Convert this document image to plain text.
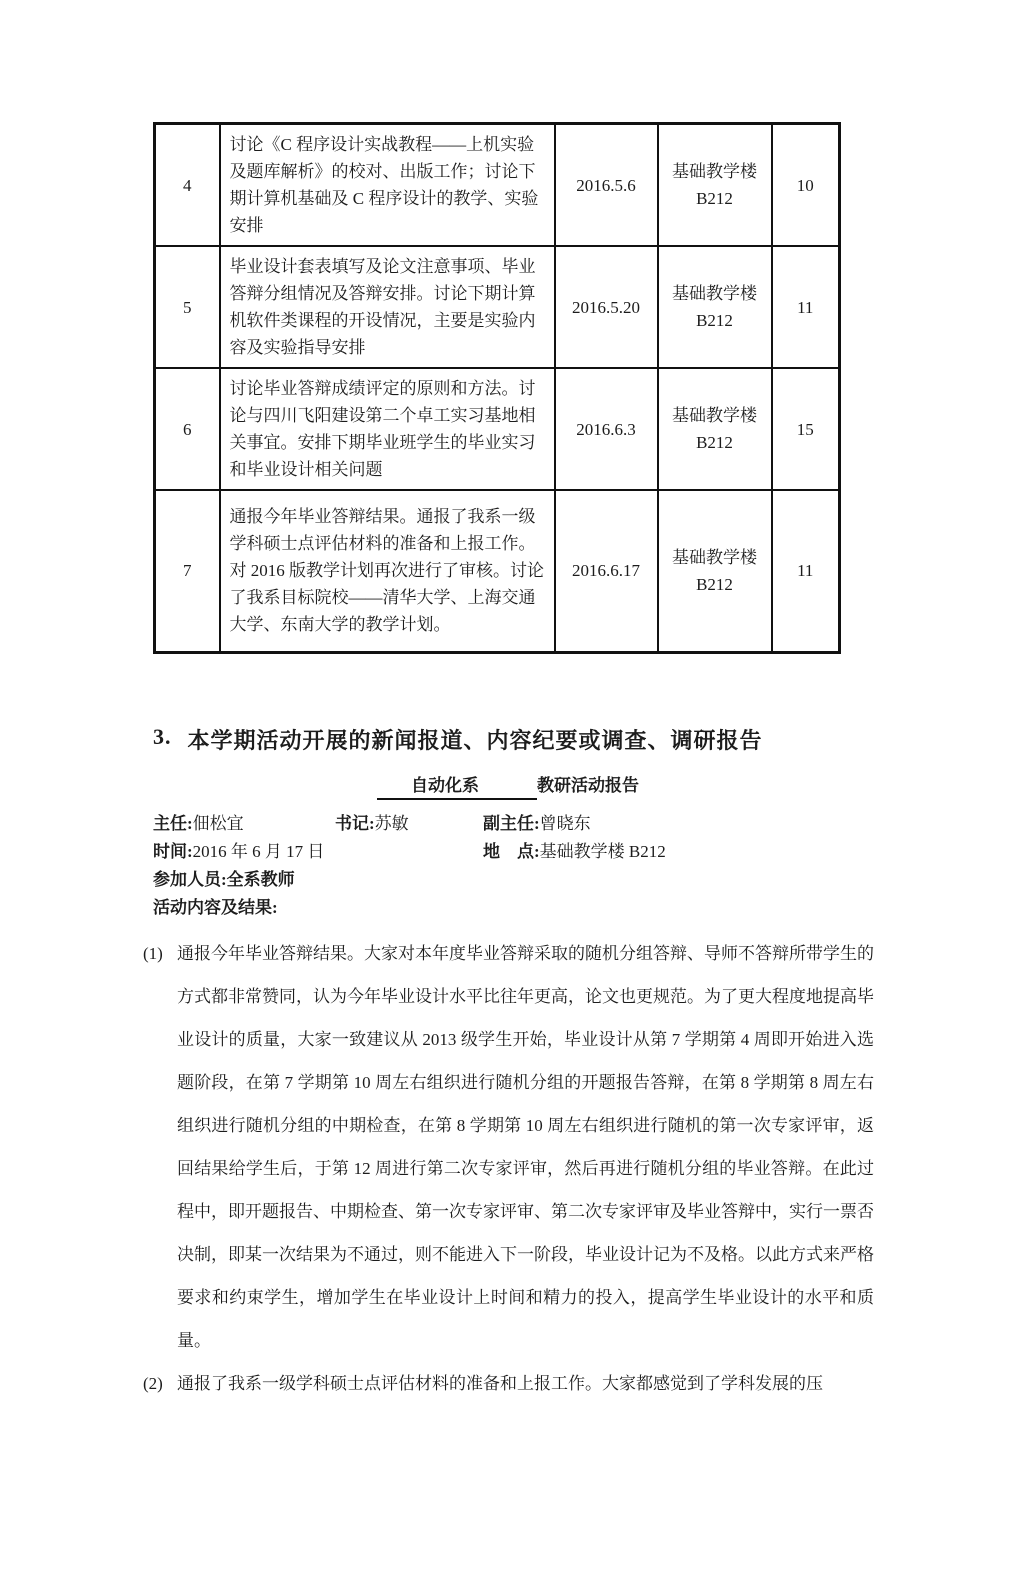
4	讨论《C 程序设计实战教程——上机实验及题库解析》的校对、出版工作；讨论下期计算机基础及 C 程序设计的教学、实验安排	2016.5.6	基础教学楼 B212	10
5	毕业设计套表填写及论文注意事项、毕业答辩分组情况及答辩安排。讨论下期计算机软件类课程的开设情况，主要是实验内容及实验指导安排	2016.5.20	基础教学楼 B212	11
6	讨论毕业答辩成绩评定的原则和方法。讨论与四川飞阳建设第二个卓工实习基地相关事宜。安排下期毕业班学生的毕业实习和毕业设计相关问题	2016.6.3	基础教学楼 B212	15
7	通报今年毕业答辩结果。通报了我系一级学科硕士点评估材料的准备和上报工作。对 2016 版教学计划再次进行了审核。讨论了我系目标院校——清华大学、上海交通大学、东南大学的教学计划。	2016.6.17	基础教学楼 B212	11
3. 本学期活动开展的新闻报道、内容纪要或调查、调研报告
自动化系	教研活动报告
主任:佃松宜	书记:苏敏	副主任:曾晓东
时间:2016 年 6 月 17 日	地　点:基础教学楼 B212
参加人员:全系教师
活动内容及结果:
(1) 通报今年毕业答辩结果。大家对本年度毕业答辩采取的随机分组答辩、导师不答辩所带学生的方式都非常赞同，认为今年毕业设计水平比往年更高，论文也更规范。为了更大程度地提高毕业设计的质量，大家一致建议从 2013 级学生开始，毕业设计从第 7 学期第 4 周即开始进入选题阶段，在第 7 学期第 10 周左右组织进行随机分组的开题报告答辩，在第 8 学期第 8 周左右组织进行随机分组的中期检查，在第 8 学期第 10 周左右组织进行随机的第一次专家评审，返回结果给学生后，于第 12 周进行第二次专家评审，然后再进行随机分组的毕业答辩。在此过程中，即开题报告、中期检查、第一次专家评审、第二次专家评审及毕业答辩中，实行一票否决制，即某一次结果为不通过，则不能进入下一阶段，毕业设计记为不及格。以此方式来严格要求和约束学生，增加学生在毕业设计上时间和精力的投入，提高学生毕业设计的水平和质量。
(2) 通报了我系一级学科硕士点评估材料的准备和上报工作。大家都感觉到了学科发展的压
